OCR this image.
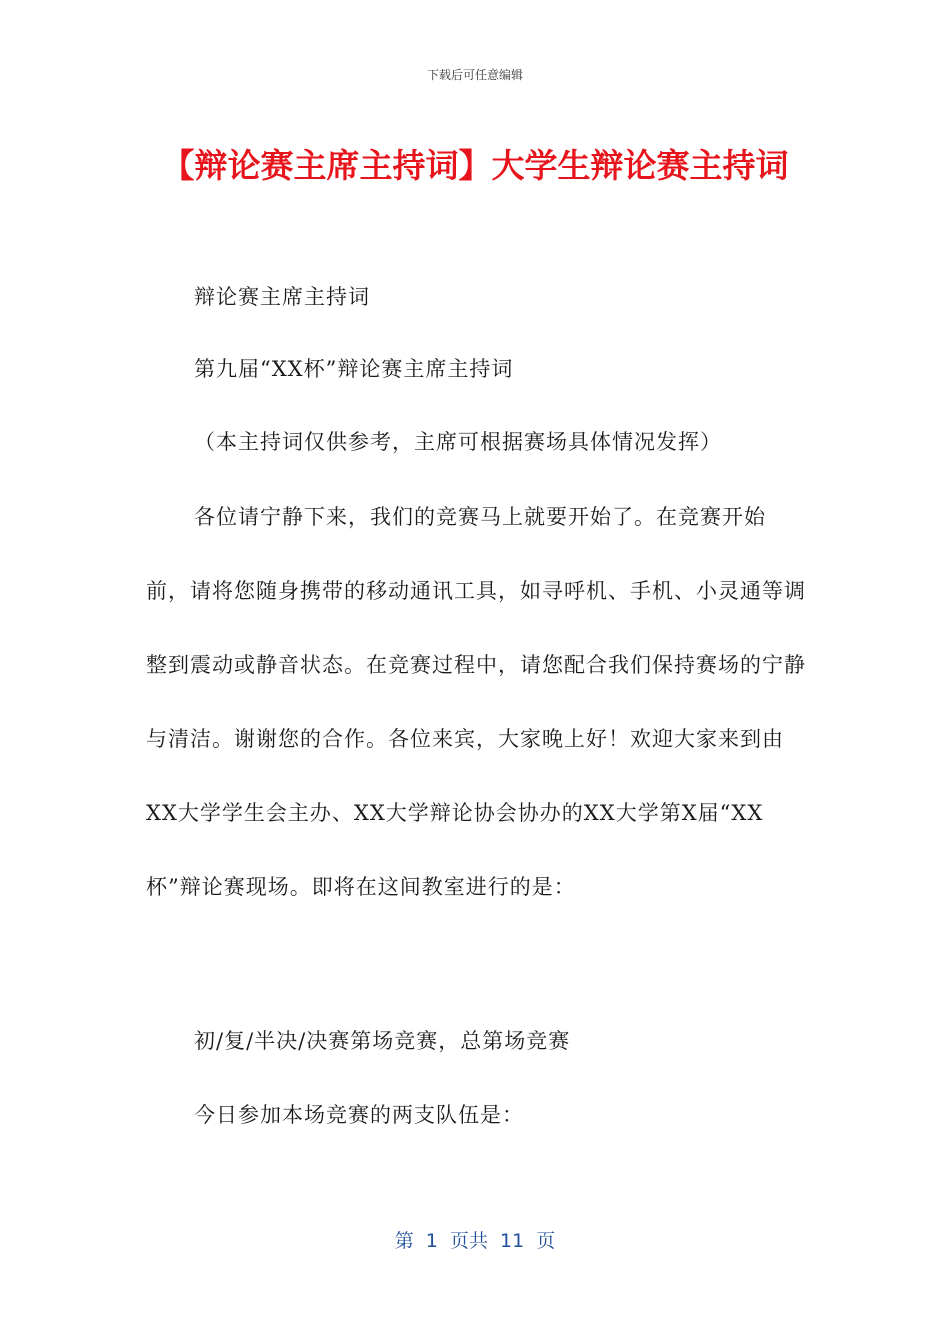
下载后可任意编辑
【辩论赛主席主持词】大学生辩论赛主持词

辩论赛主席主持词

第九届“XX杯”辩论赛主席主持词

（本主持词仅供参考，主席可根据赛场具体情况发挥）

各位请宁静下来，我们的竞赛马上就要开始了。在竞赛开始前，请将您随身携带的移动通讯工具，如寻呼机、手机、小灵通等调整到震动或静音状态。在竞赛过程中，请您配合我们保持赛场的宁静与清洁。谢谢您的合作。各位来宾，大家晚上好！欢迎大家来到由XX大学学生会主办、XX大学辩论协会协办的XX大学第X届“XX杯”辩论赛现场。即将在这间教室进行的是：

初/复/半决/决赛第场竞赛，总第场竞赛

今日参加本场竞赛的两支队伍是：

第  1  页共  11  页
